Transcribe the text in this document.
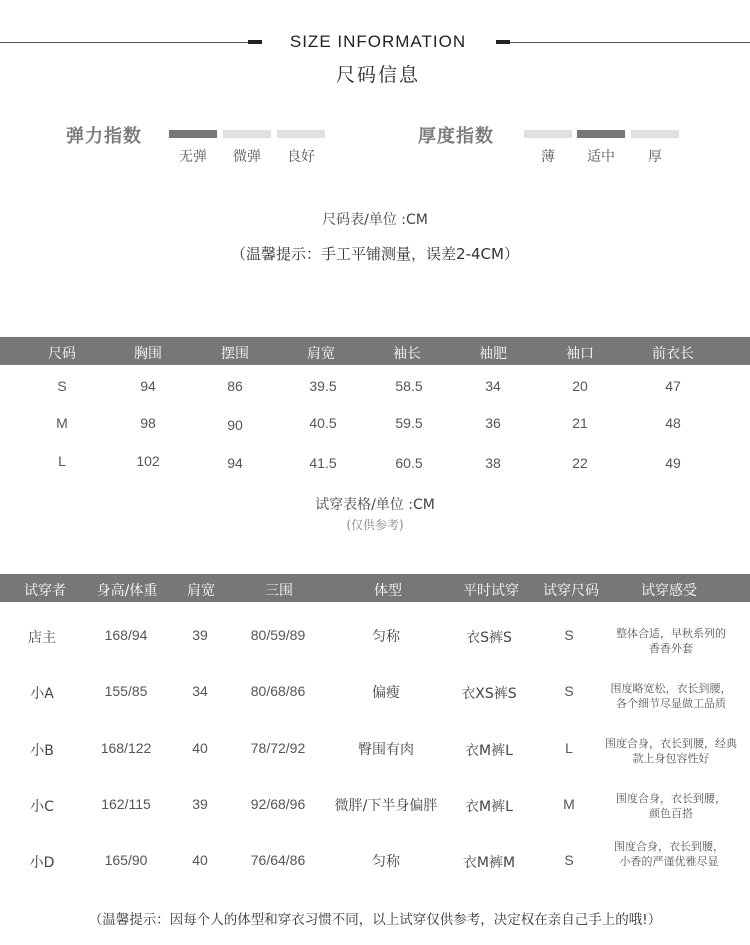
SIZE INFORMATION
尺码信息
弹力指数
无弹	微弹	良好
厚度指数
薄	适中	厚
尺码表/单位 :CM
（温馨提示：手工平铺测量，误差2-4CM）
尺码	胸围	摆围	肩宽	袖长	袖肥	袖口	前衣长
S	94	86	39.5	58.5	34	20	47
M	98	90	40.5	59.5	36	21	48
L	102	94	41.5	60.5	38	22	49
试穿表格/单位 :CM
(仅供参考)
试穿者 身高/体重 肩宽	三围	体型	平时试穿 试穿尺码	试穿感受
店主	168/94	39	80/59/89	匀称	衣S裤S	S	整体合适，早秋系列的
香香外套
小A	155/85	34	80/68/86	偏瘦	衣XS裤S	S	围度略宽松，衣长到腰，
各个细节尽显做工品质
小B	168/122	40	78/72/92	臀围有肉	衣M裤L	L	围度合身，衣长到腰，经典
款上身包容性好
小C	162/115	39	92/68/96 微胖/下半身偏胖 衣M裤L	M	围度合身，衣长到腰，
颜色百搭
小D	165/90	40	76/64/86	匀称	衣M裤M	S
围度合身，衣长到腰，
小香的严谨优雅尽显
（温馨提示：因每个人的体型和穿衣习惯不同，以上试穿仅供参考，决定权在亲自己手上的哦!）
